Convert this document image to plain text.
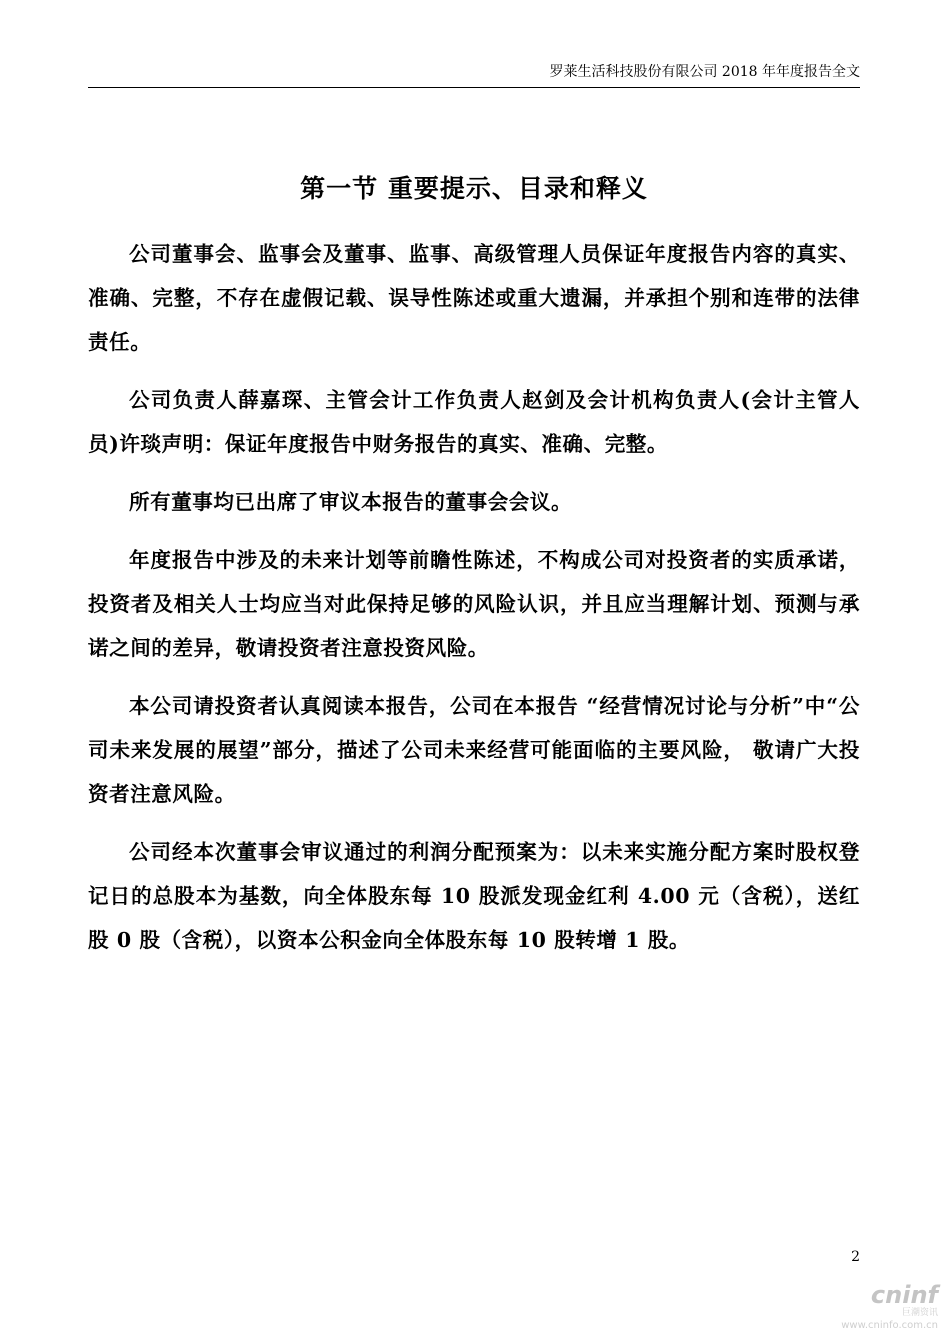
罗莱生活科技股份有限公司 2018 年年度报告全文
第一节 重要提示、目录和释义

公司董事会、监事会及董事、监事、高级管理人员保证年度报告内容的真实、准确、完整，不存在虚假记载、误导性陈述或重大遗漏，并承担个别和连带的法律责任。

公司负责人薛嘉琛、主管会计工作负责人赵剑及会计机构负责人(会计主管人员)许琰声明：保证年度报告中财务报告的真实、准确、完整。

所有董事均已出席了审议本报告的董事会会议。

年度报告中涉及的未来计划等前瞻性陈述，不构成公司对投资者的实质承诺，投资者及相关人士均应当对此保持足够的风险认识，并且应当理解计划、预测与承诺之间的差异，敬请投资者注意投资风险。

本公司请投资者认真阅读本报告，公司在本报告 “经营情况讨论与分析”中“公司未来发展的展望”部分，描述了公司未来经营可能面临的主要风险， 敬请广大投资者注意风险。

公司经本次董事会审议通过的利润分配预案为：以未来实施分配方案时股权登记日的总股本为基数，向全体股东每 10 股派发现金红利 4.00 元（含税），送红股 0 股（含税），以资本公积金向全体股东每 10 股转增 1 股。

2
cninf
巨潮资讯
www.cninfo.com.cn
